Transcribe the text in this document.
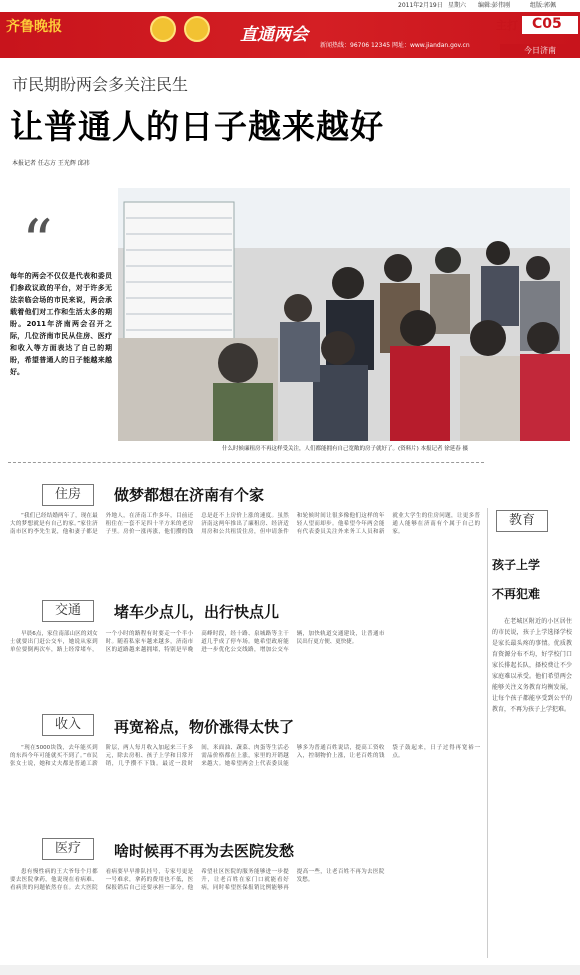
2011年2月19日 星期六 编辑:彭伟刚	组版:郭佩
齐鲁晚报	直通两会
新闻热线：96706 12345 网址：www.jiandan.gov.cn
主打 C05
今日济南
市民期盼两会多关注民生
让普通人的日子越来越好
本报记者 任志方 王光辉 邱祎
“
每年的两会不仅仅是代表和委员们参政议政的平台，对于许多无法亲临会场的市民来说，两会承载着他们对工作和生活太多的期盼。2011年济南两会召开之际，几位济南市民从住房、医疗和收入等方面表达了自己的期盼，希望普通人的日子能越来越好。
什么时候廉租房不再这样受关注，人们都能拥有自己宽敞的房子就好了。(资料片) 本报记者 徐延春 摄
住房	做梦都想在济南有个家

“我们已经结婚两年了，现在最大的梦想就是有自己的家。”家住济南市区的李先生说，他和妻子都是外地人，在济南工作多年，目前还租住在一套不足四十平方米的老房子里。房价一涨再涨，他们攒的钱总是赶不上房价上涨的速度。虽然济南这两年推出了廉租房、经济适用房和公共租赁住房，但申请条件和轮候时间让很多像他们这样的年轻人望而却步。他希望今年两会能有代表委员关注外来务工人员和新就业大学生的住房问题，让更多普通人能够在济南有个属于自己的家。

交通	堵车少点儿，出行快点儿

早晨6点，家住南部山区的刘女士就要出门赶公交车，她说从家到单位要倒两次车，路上经常堵车，一个小时的路程有时要走一个半小时。随着私家车越来越多，济南市区的道路越来越拥堵，特别是早晚高峰时段，经十路、泉城路等主干道几乎成了停车场。她希望政府能进一步优化公交线路，增加公交车辆，加快轨道交通建设，让普通市民出行更方便、更快捷。

收入	再宽裕点，物价涨得太快了

“现在5000块钱，去年能买到的东西今年可能就买不到了。”市民张女士说，她和丈夫都是普通工薪阶层，两人每月收入加起来三千多元，除去房租、孩子上学和日常开销，几乎攒不下钱。最近一段时间，米面油、蔬菜、肉蛋等生活必需品价格都在上涨，家里的开销越来越大。她希望两会上代表委员能够多为普通百姓说话，提高工资收入，控制物价上涨，让老百姓的钱袋子鼓起来，日子过得再宽裕一点。

医疗	啥时候再不再为去医院发愁

患有慢性病的王大爷每个月都要去医院拿药，他说现在看病难、看病贵的问题依然存在。去大医院看病要早早排队挂号，专家号更是一号难求，拿药的费用也不低，医保报销后自己还要承担一部分。他希望社区医院的服务能够进一步提升，让老百姓在家门口就能看好病，同时希望医保报销比例能够再提高一些，让老百姓不再为去医院发愁。

教育
孩子上学
不再犯难

在老城区附近的小区居住的市民说，孩子上学选择学校是家长最头疼的事情。优质教育资源分布不均，好学校门口家长排起长队，择校费让不少家庭难以承受。他们希望两会能够关注义务教育均衡发展，让每个孩子都能享受到公平的教育，不再为孩子上学犯难。
